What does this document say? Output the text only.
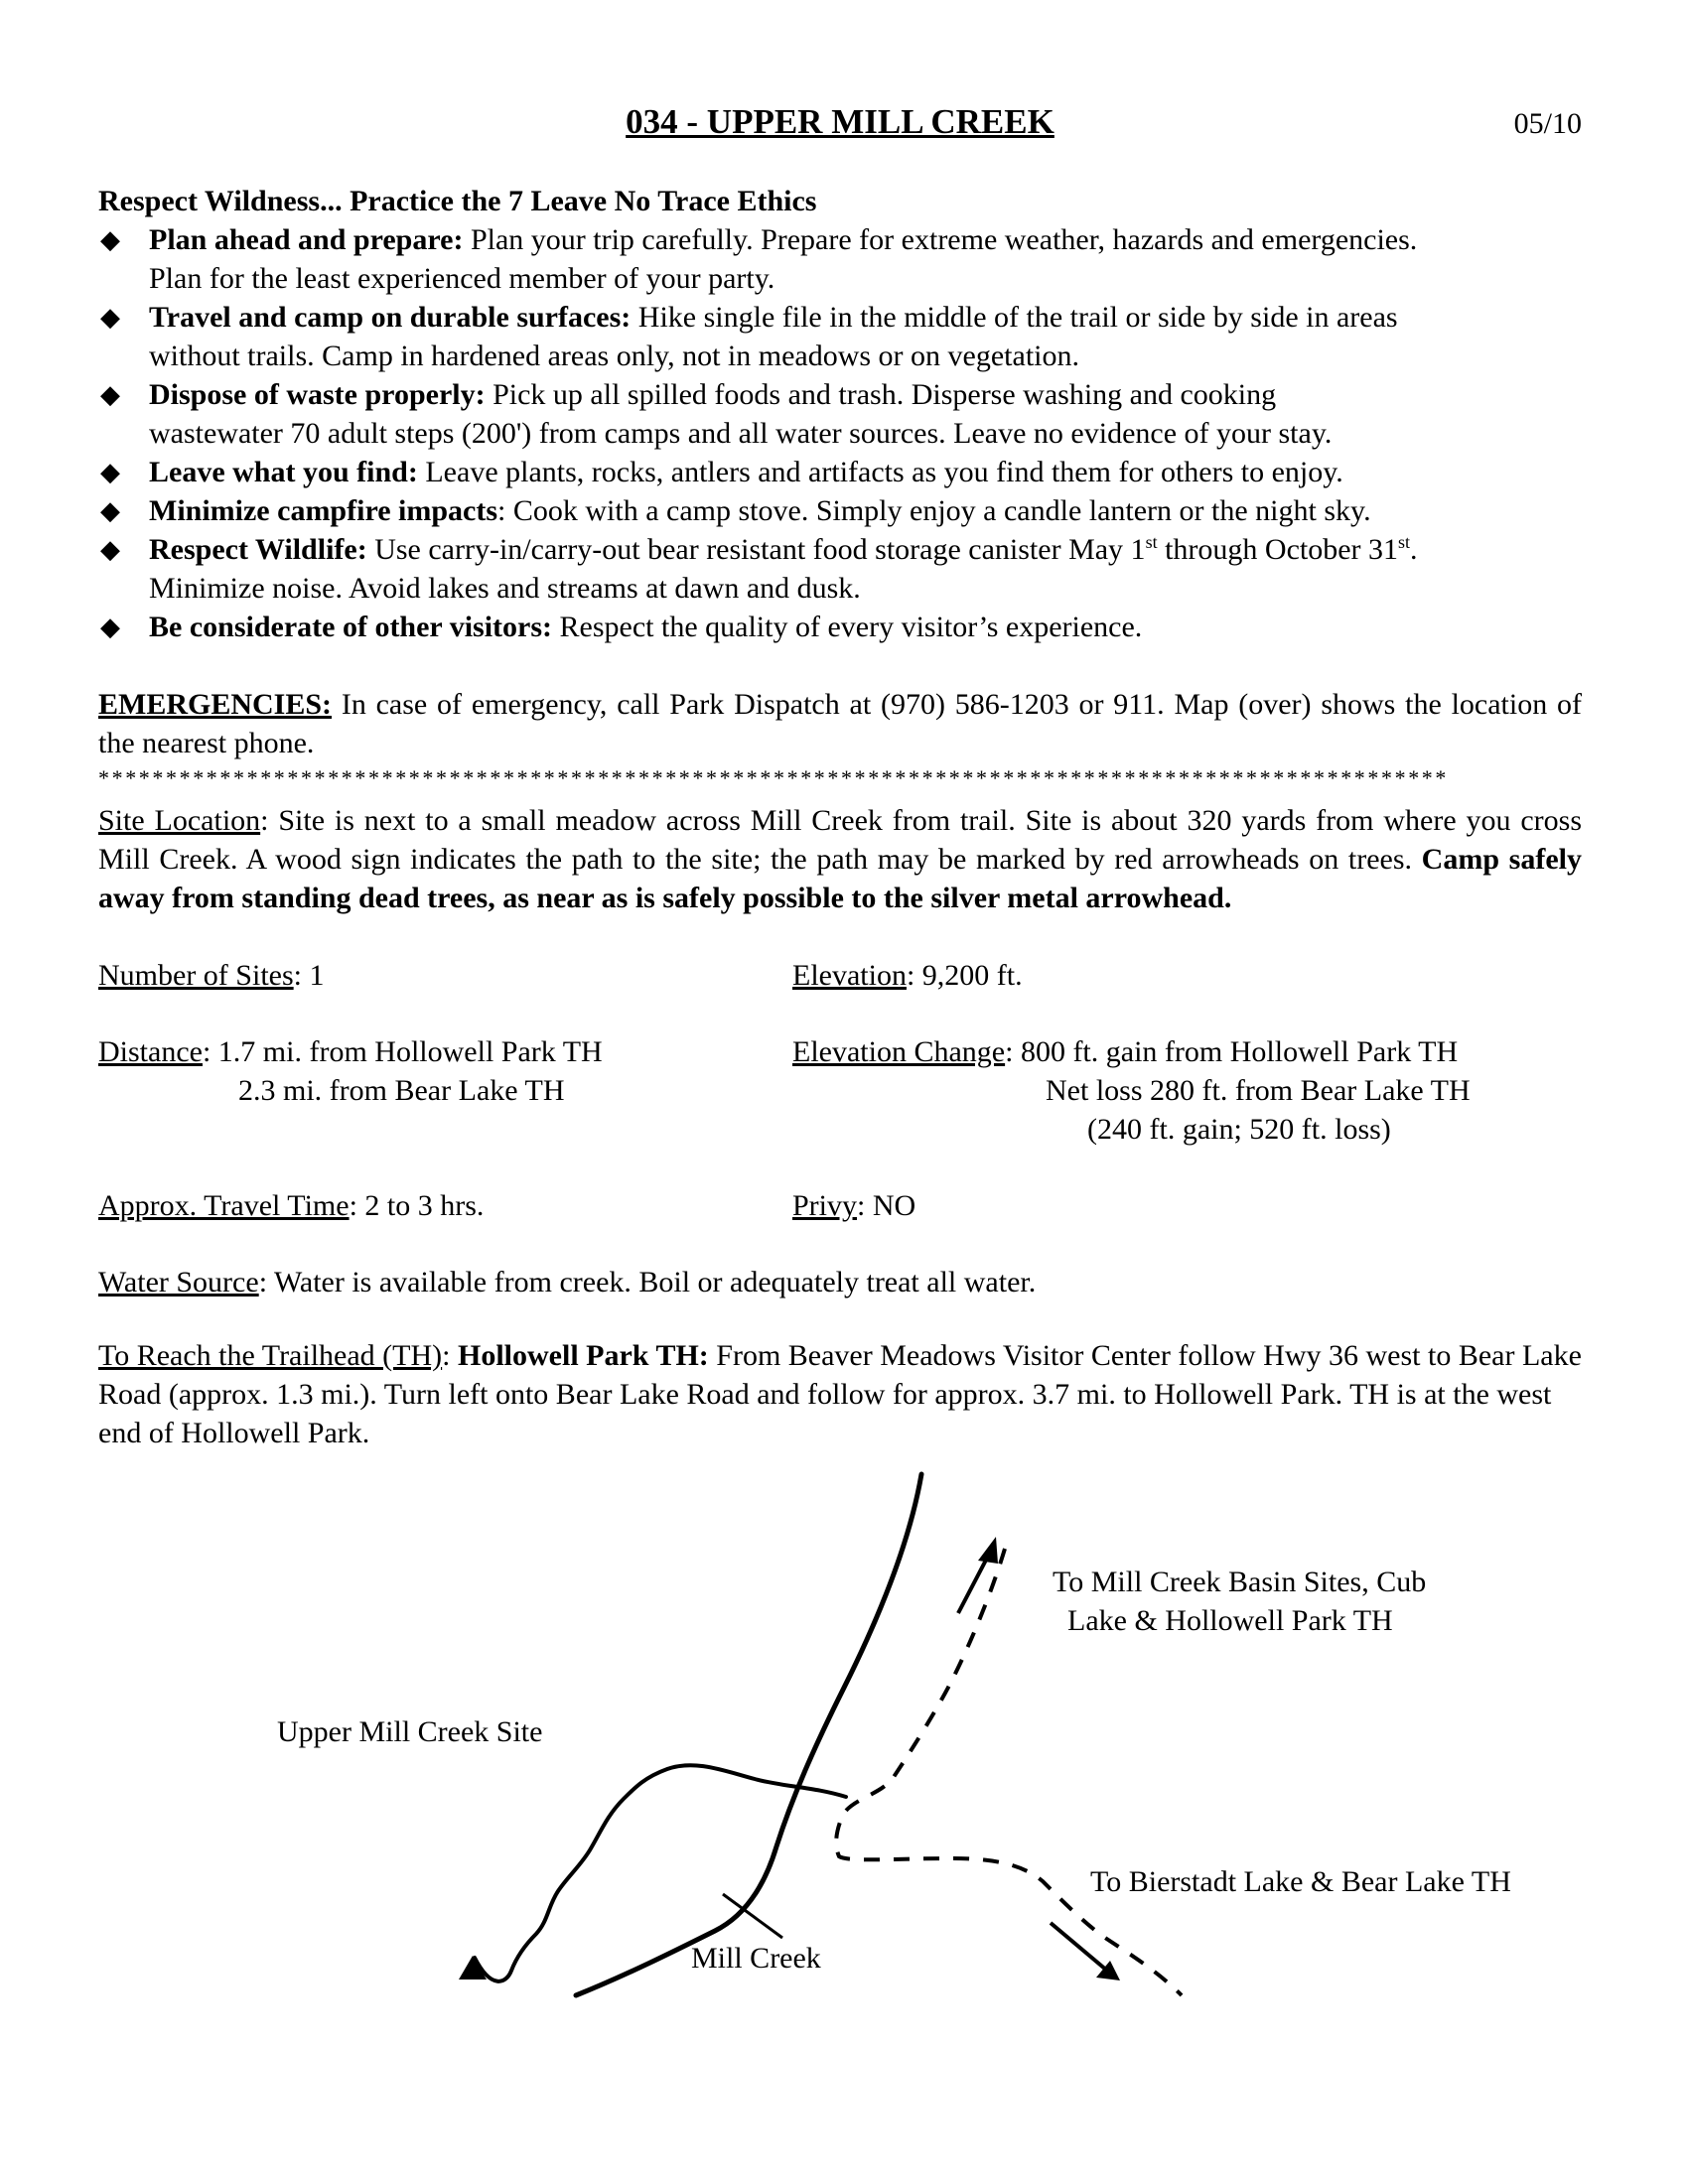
034 - UPPER MILL CREEK	05/10
Respect Wildness... Practice the 7 Leave No Trace Ethics
◆ Plan ahead and prepare: Plan your trip carefully. Prepare for extreme weather, hazards and emergencies.
Plan for the least experienced member of your party.
◆ Travel and camp on durable surfaces: Hike single file in the middle of the trail or side by side in areas
without trails. Camp in hardened areas only, not in meadows or on vegetation.
◆ Dispose of waste properly: Pick up all spilled foods and trash. Disperse washing and cooking
wastewater 70 adult steps (200') from camps and all water sources. Leave no evidence of your stay.
◆ Leave what you find: Leave plants, rocks, antlers and artifacts as you find them for others to enjoy.
◆ Minimize campfire impacts: Cook with a camp stove. Simply enjoy a candle lantern or the night sky.
◆ Respect Wildlife: Use carry-in/carry-out bear resistant food storage canister May 1st through October 31st.
Minimize noise. Avoid lakes and streams at dawn and dusk.
◆ Be considerate of other visitors: Respect the quality of every visitor’s experience.
EMERGENCIES: In case of emergency, call Park Dispatch at (970) 586-1203 or 911. Map (over) shows the location of the nearest phone.
****************************************************************************************************
Site Location: Site is next to a small meadow across Mill Creek from trail. Site is about 320 yards from where you cross Mill Creek. A wood sign indicates the path to the site; the path may be marked by red arrowheads on trees. Camp safely away from standing dead trees, as near as is safely possible to the silver metal arrowhead.
Number of Sites: 1	Elevation: 9,200 ft.
Distance: 1.7 mi. from Hollowell Park TH
2.3 mi. from Bear Lake TH
Elevation Change: 800 ft. gain from Hollowell Park TH
Net loss 280 ft. from Bear Lake TH
(240 ft. gain; 520 ft. loss)
Approx. Travel Time: 2 to 3 hrs.	Privy: NO
Water Source: Water is available from creek. Boil or adequately treat all water.
To Reach the Trailhead (TH): Hollowell Park TH: From Beaver Meadows Visitor Center follow Hwy 36 west to Bear Lake Road (approx. 1.3 mi.). Turn left onto Bear Lake Road and follow for approx. 3.7 mi. to Hollowell Park. TH is at the west end of Hollowell Park.
To Mill Creek Basin Sites, Cub
Lake & Hollowell Park TH
Upper Mill Creek Site
To Bierstadt Lake & Bear Lake TH
Mill Creek
